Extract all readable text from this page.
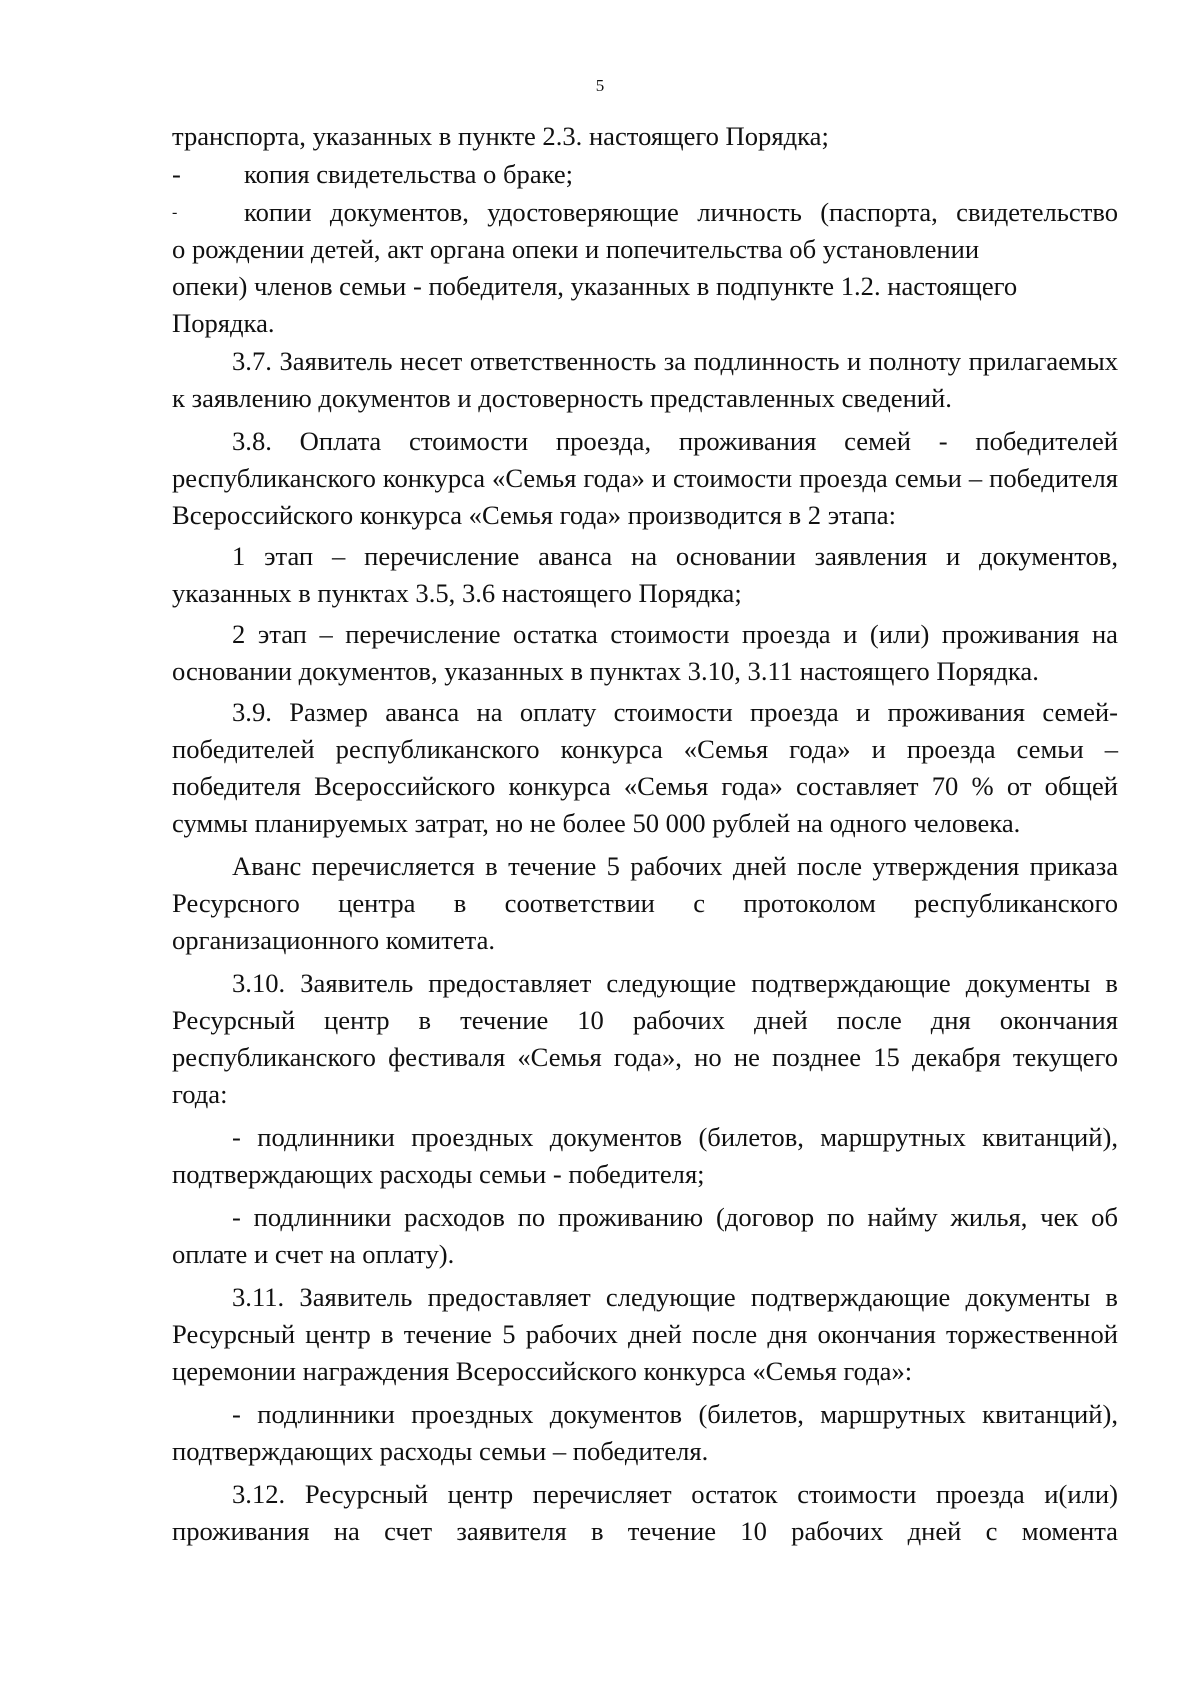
5

транспорта, указанных в пункте 2.3. настоящего Порядка;

-	копия свидетельства о браке;
-	копии документов, удостоверяющие личность (паспорта, свидетельство
о рождении детей, акт органа опеки и попечительства об установлении опеки) членов семьи - победителя, указанных в подпункте 1.2. настоящего Порядка.

3.7. Заявитель несет ответственность за подлинность и полноту прилагаемых к заявлению документов и достоверность представленных сведений.

3.8. Оплата стоимости проезда, проживания семей - победителей республиканского конкурса «Семья года» и стоимости проезда семьи – победителя Всероссийского конкурса «Семья года» производится в 2 этапа:

1 этап – перечисление аванса на основании заявления и документов, указанных в пунктах 3.5, 3.6 настоящего Порядка;

2 этап – перечисление остатка стоимости проезда и (или) проживания на основании документов, указанных в пунктах 3.10, 3.11 настоящего Порядка.

3.9. Размер аванса на оплату стоимости проезда и проживания семей-победителей республиканского конкурса «Семья года» и проезда семьи – победителя Всероссийского конкурса «Семья года» составляет 70 % от общей суммы планируемых затрат, но не более 50 000 рублей на одного человека.

Аванс перечисляется в течение 5 рабочих дней после утверждения приказа Ресурсного центра в соответствии с протоколом республиканского организационного комитета.

3.10. Заявитель предоставляет следующие подтверждающие документы в Ресурсный центр в течение 10 рабочих дней после дня окончания республиканского фестиваля «Семья года», но не позднее 15 декабря текущего года:

- подлинники проездных документов (билетов, маршрутных квитанций), подтверждающих расходы семьи - победителя;

- подлинники расходов по проживанию (договор по найму жилья, чек об оплате и счет на оплату).

3.11. Заявитель предоставляет следующие подтверждающие документы в Ресурсный центр в течение 5 рабочих дней после дня окончания торжественной церемонии награждения Всероссийского конкурса «Семья года»:

- подлинники проездных документов (билетов, маршрутных квитанций), подтверждающих расходы семьи – победителя.

3.12. Ресурсный центр перечисляет остаток стоимости проезда и(или) проживания на счет заявителя в течение 10 рабочих дней с момента
